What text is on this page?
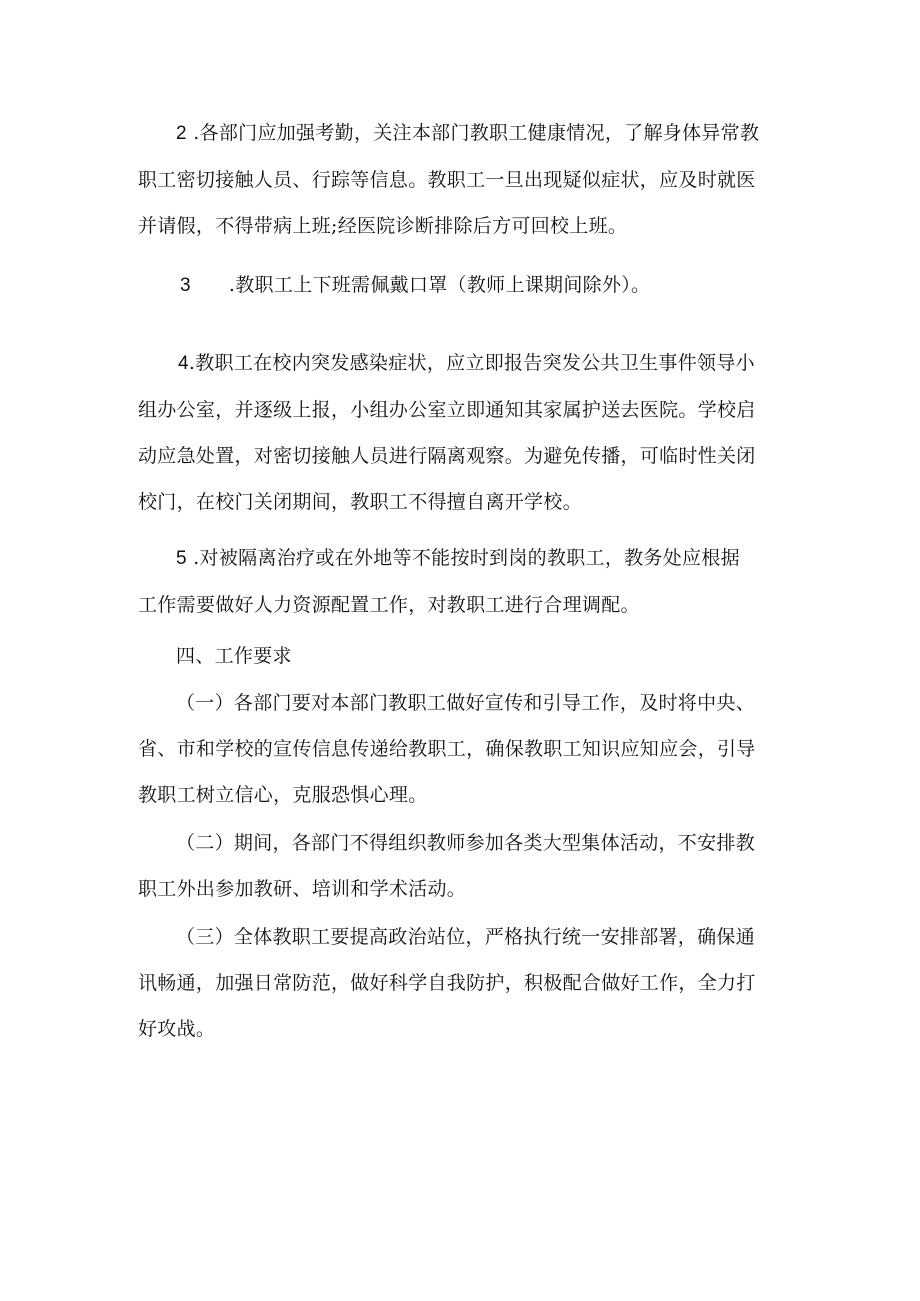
2 .各部门应加强考勤，关注本部门教职工健康情况，了解身体异常教
职工密切接触人员、行踪等信息。教职工一旦出现疑似症状，应及时就医
并请假，不得带病上班;经医院诊断排除后方可回校上班。
3      .教职工上下班需佩戴口罩（教师上课期间除外）。
4.教职工在校内突发感染症状，应立即报告突发公共卫生事件领导小
组办公室，并逐级上报，小组办公室立即通知其家属护送去医院。学校启
动应急处置，对密切接触人员进行隔离观察。为避免传播，可临时性关闭
校门，在校门关闭期间，教职工不得擅自离开学校。
5 .对被隔离治疗或在外地等不能按时到岗的教职工，教务处应根据
工作需要做好人力资源配置工作，对教职工进行合理调配。
四、工作要求
（一）各部门要对本部门教职工做好宣传和引导工作，及时将中央、
省、市和学校的宣传信息传递给教职工，确保教职工知识应知应会，引导
教职工树立信心，克服恐惧心理。
（二）期间，各部门不得组织教师参加各类大型集体活动，不安排教
职工外出参加教研、培训和学术活动。
（三）全体教职工要提高政治站位，严格执行统一安排部署，确保通
讯畅通，加强日常防范，做好科学自我防护，积极配合做好工作，全力打
好攻战。
